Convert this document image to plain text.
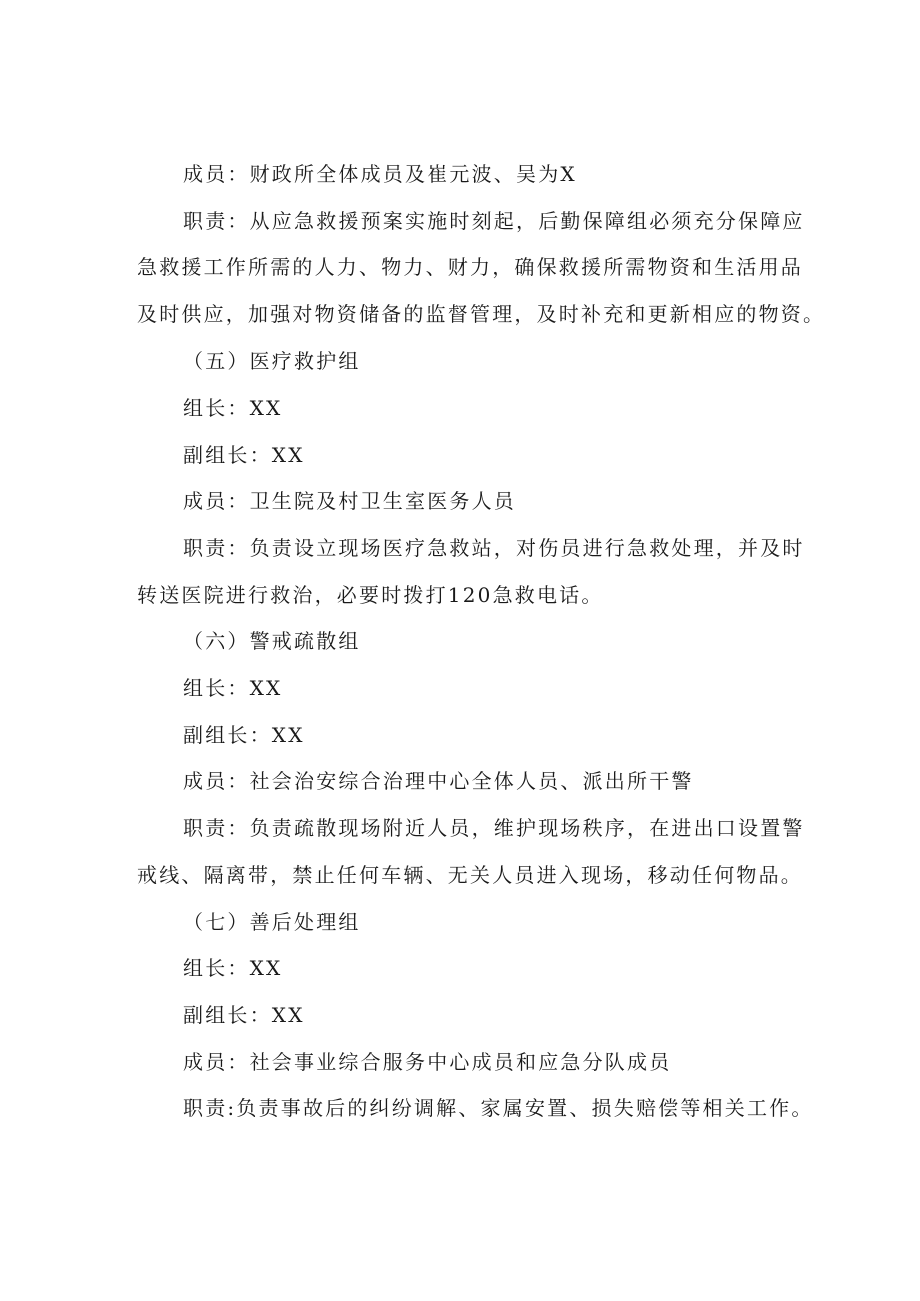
成员：财政所全体成员及崔元波、吴为X
职责：从应急救援预案实施时刻起，后勤保障组必须充分保障应
急救援工作所需的人力、物力、财力，确保救援所需物资和生活用品
及时供应，加强对物资储备的监督管理，及时补充和更新相应的物资。
（五）医疗救护组
组长：XX
副组长：XX
成员：卫生院及村卫生室医务人员
职责：负责设立现场医疗急救站，对伤员进行急救处理，并及时
转送医院进行救治，必要时拨打120急救电话。
（六）警戒疏散组
组长：XX
副组长：XX
成员：社会治安综合治理中心全体人员、派出所干警
职责：负责疏散现场附近人员，维护现场秩序，在进出口设置警
戒线、隔离带，禁止任何车辆、无关人员进入现场，移动任何物品。
（七）善后处理组
组长：XX
副组长：XX
成员：社会事业综合服务中心成员和应急分队成员
职责:负责事故后的纠纷调解、家属安置、损失赔偿等相关工作。
